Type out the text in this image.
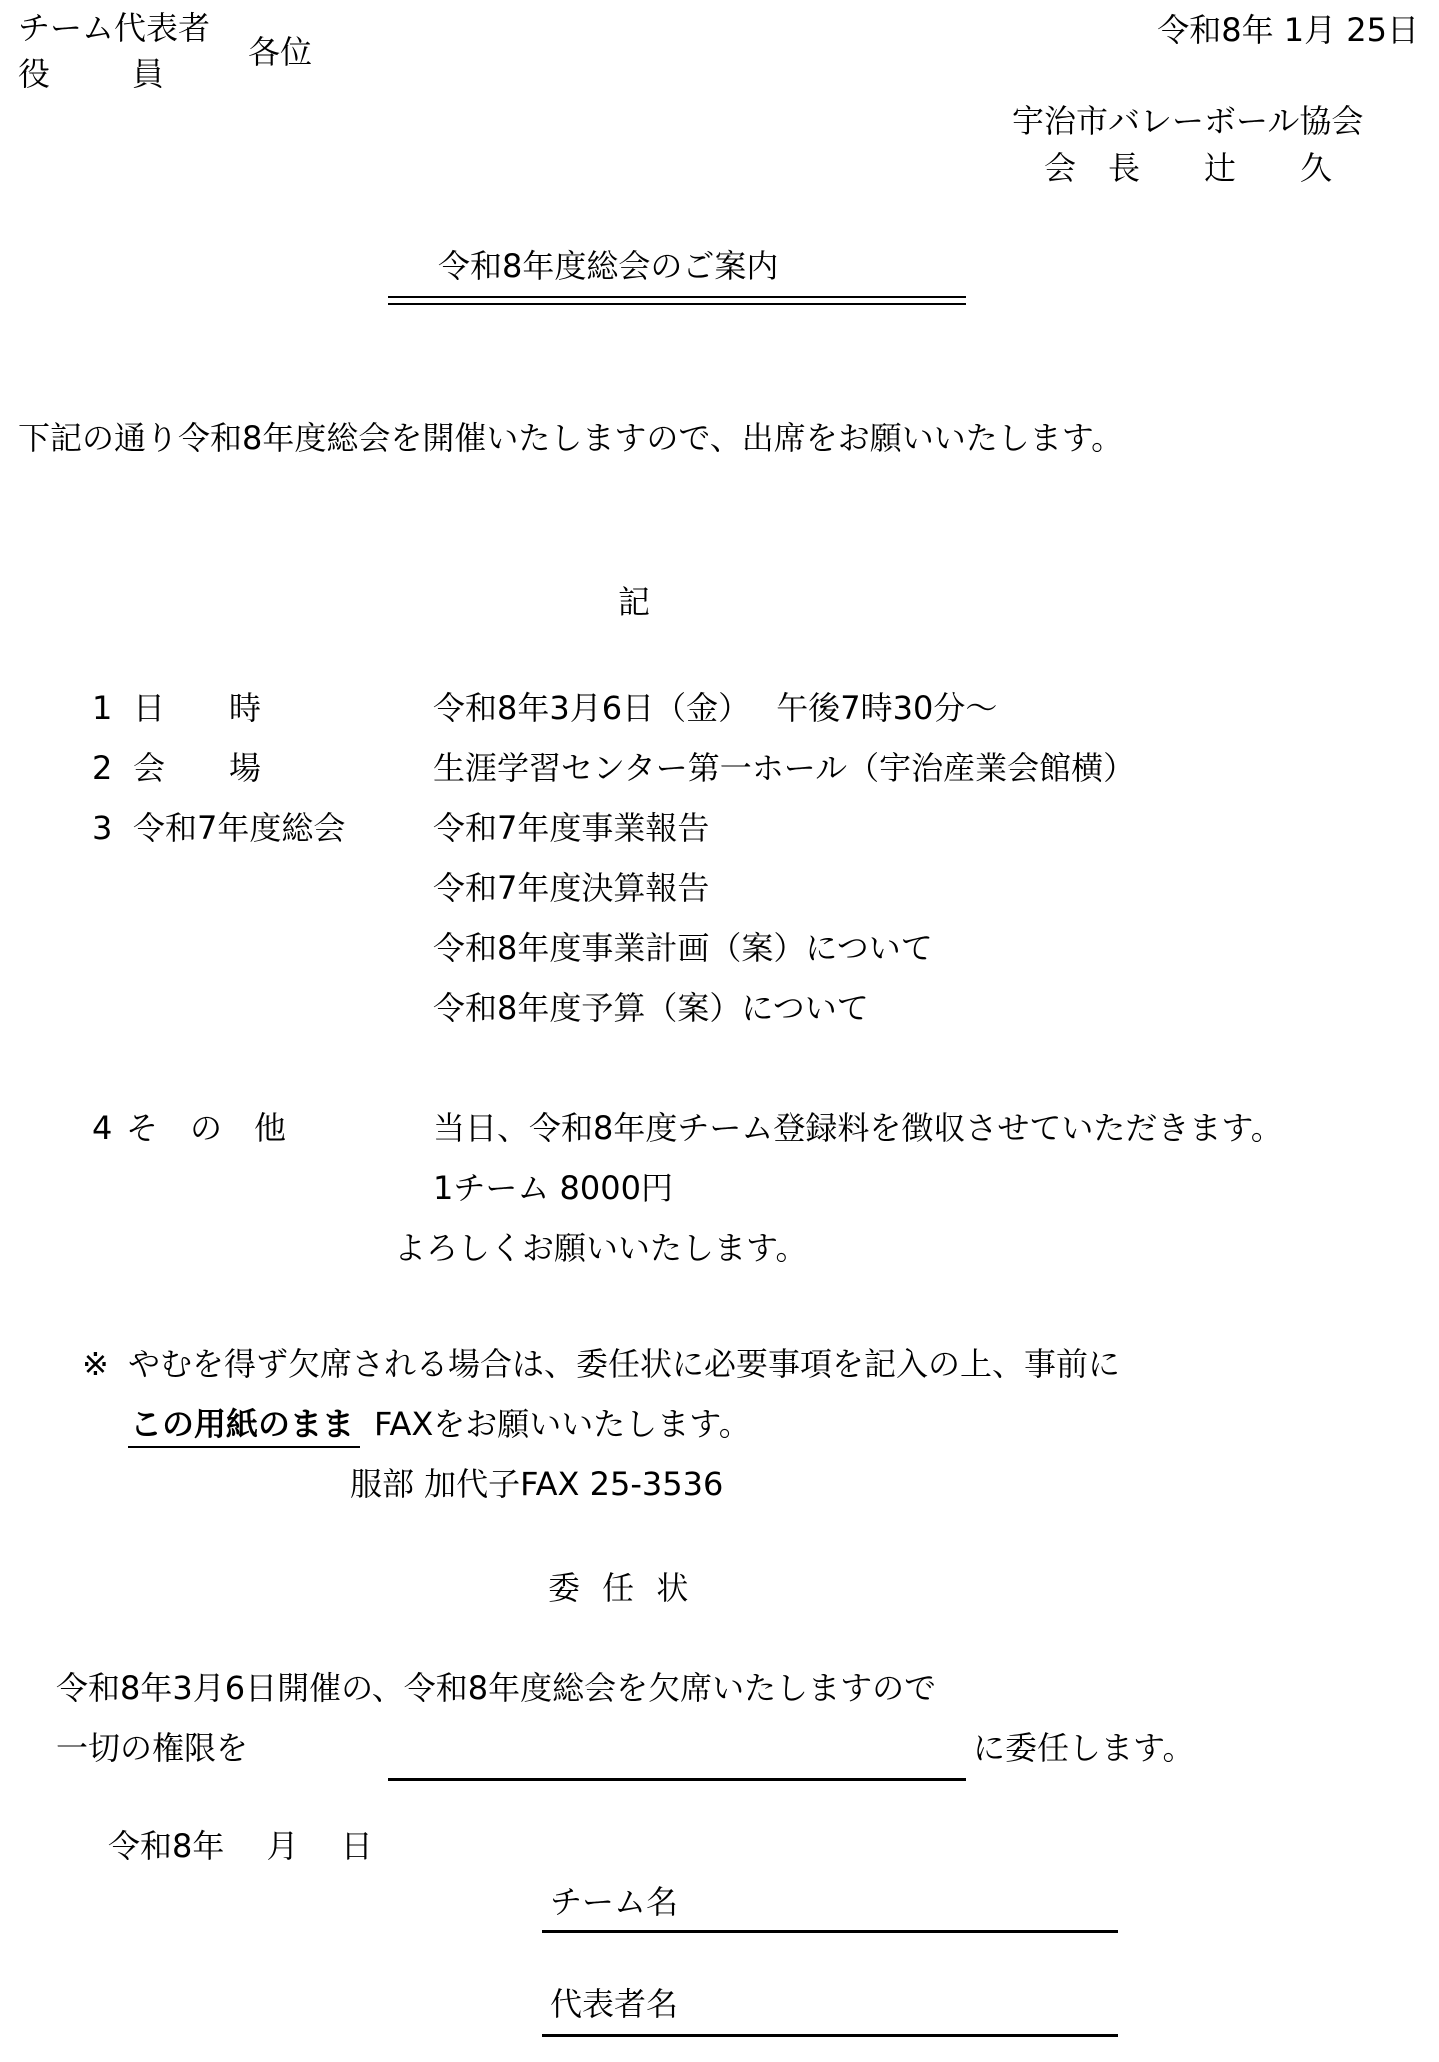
チーム代表者
役　　員
各位
令和8年 1月 25日
宇治市バレーボール協会
会　長　　辻　　久
令和8年度総会のご案内
下記の通り令和8年度総会を開催いたしますので、出席をお願いいたします。
記
1 日　　時	令和8年3月6日（金）　 午後7時30分～
2 会　　場	生涯学習センター第一ホール（宇治産業会館横）
3 令和7年度総会	令和7年度事業報告
令和7年度決算報告
令和8年度事業計画（案）について
令和8年度予算（案）について
4 そ　の　他	当日、令和8年度チーム登録料を徴収させていただきます。
1チーム 8000円
よろしくお願いいたします。
※ やむを得ず欠席される場合は、委任状に必要事項を記入の上、事前に
この用紙のまま FAXをお願いいたします。
服部 加代子FAX 25-3536
委 任 状
令和8年3月6日開催の、令和8年度総会を欠席いたしますので
一切の権限を	に委任します。
令和8年　 月　 日
チーム名
代表者名
